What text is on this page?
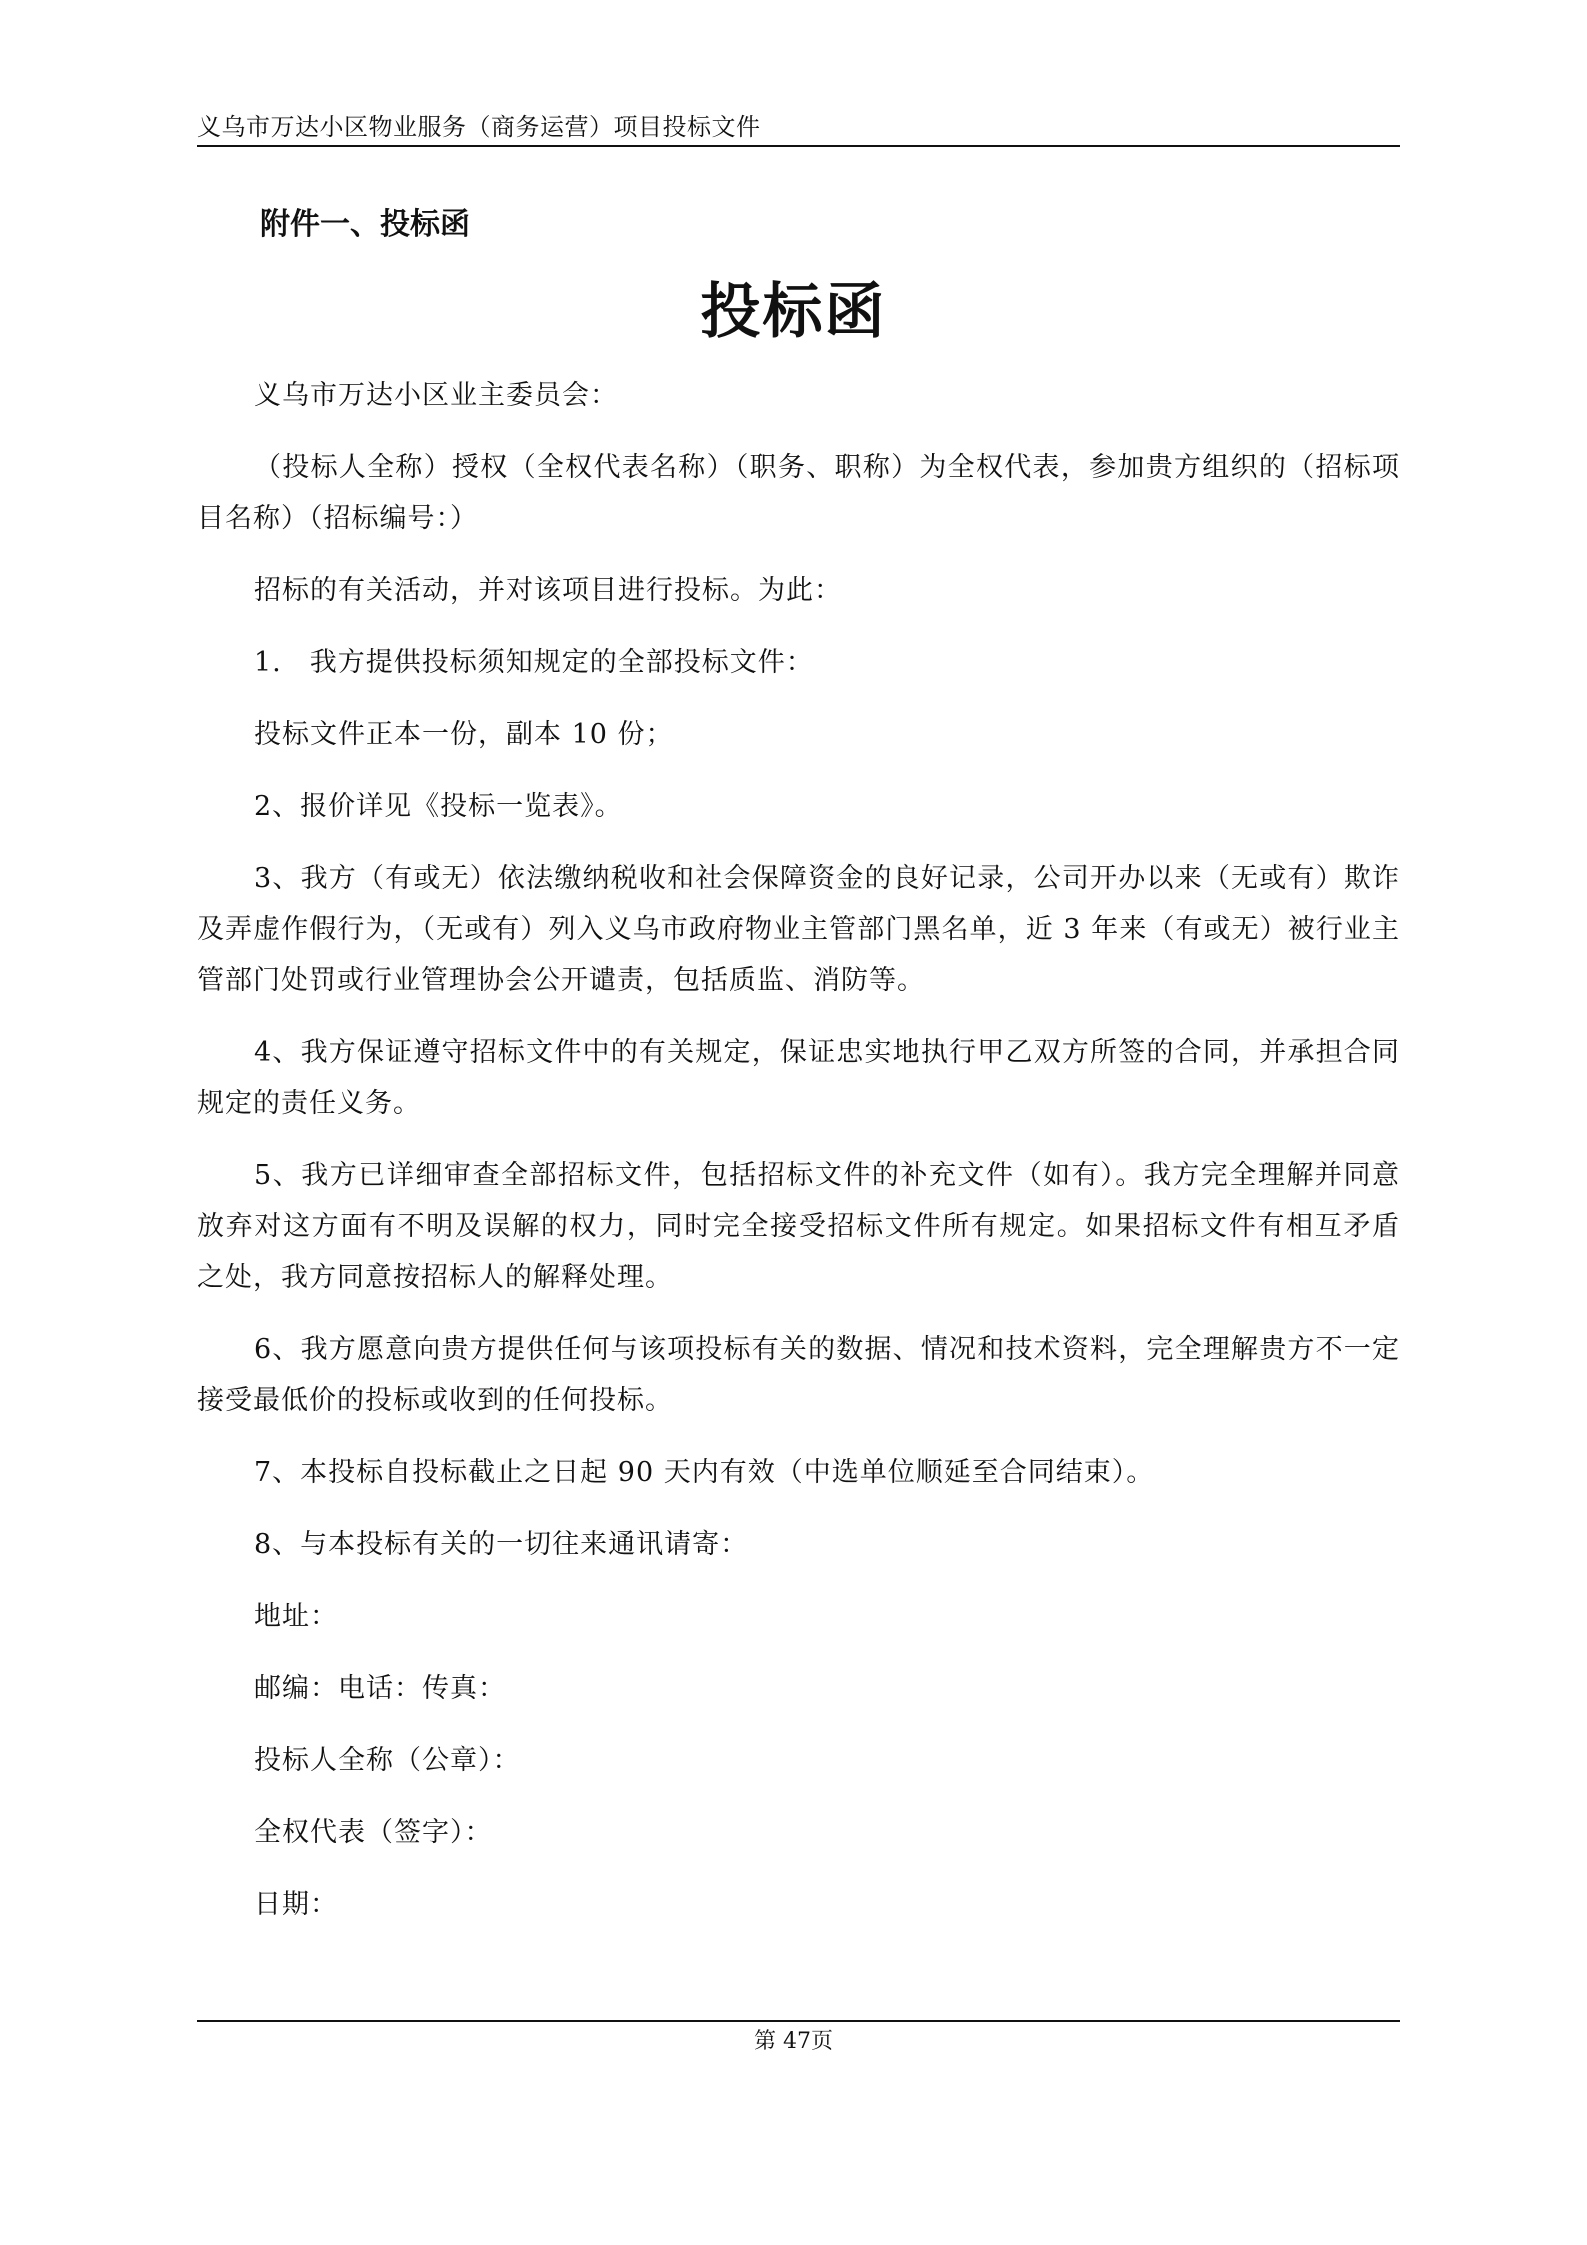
义乌市万达小区物业服务（商务运营）项目投标文件
附件一、投标函
投标函

义乌市万达小区业主委员会：

（投标人全称）授权（全权代表名称）（职务、职称）为全权代表，参加贵方组织的（招标项目名称）（招标编号：）

招标的有关活动，并对该项目进行投标。为此：

1.　我方提供投标须知规定的全部投标文件：

投标文件正本一份，副本 10 份；

2、报价详见《投标一览表》。

3、我方（有或无）依法缴纳税收和社会保障资金的良好记录，公司开办以来（无或有）欺诈及弄虚作假行为，（无或有）列入义乌市政府物业主管部门黑名单，近 3 年来（有或无）被行业主管部门处罚或行业管理协会公开谴责，包括质监、消防等。

4、我方保证遵守招标文件中的有关规定，保证忠实地执行甲乙双方所签的合同，并承担合同规定的责任义务。

5、我方已详细审查全部招标文件，包括招标文件的补充文件（如有）。我方完全理解并同意放弃对这方面有不明及误解的权力，同时完全接受招标文件所有规定。如果招标文件有相互矛盾之处，我方同意按招标人的解释处理。

6、我方愿意向贵方提供任何与该项投标有关的数据、情况和技术资料，完全理解贵方不一定接受最低价的投标或收到的任何投标。

7、本投标自投标截止之日起 90 天内有效（中选单位顺延至合同结束）。

8、与本投标有关的一切往来通讯请寄：

地址：

邮编：电话：传真：

投标人全称（公章）：

全权代表（签字）：

日期：

第 47页
